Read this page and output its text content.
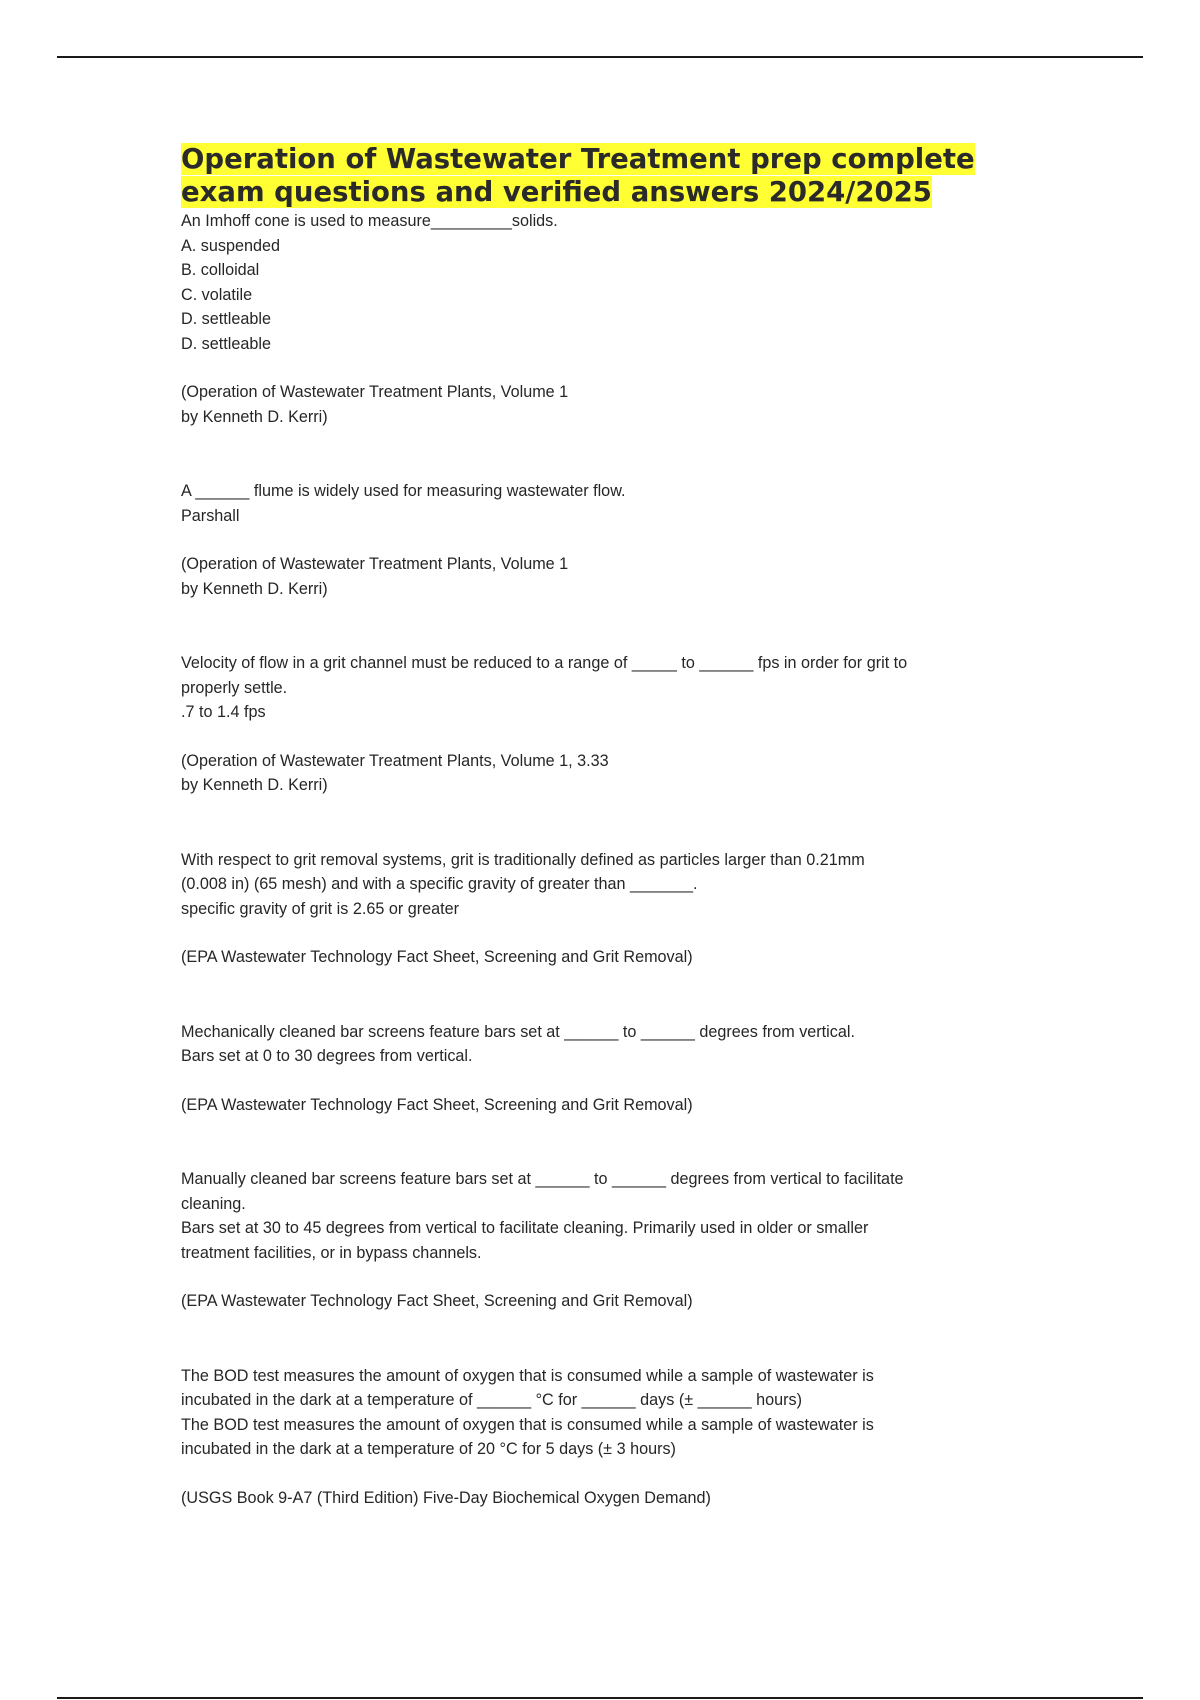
Operation of Wastewater Treatment prep complete
exam questions and verified answers 2024/2025
An Imhoff cone is used to measure_________solids.
A. suspended
B. colloidal
C. volatile
D. settleable
D. settleable
(Operation of Wastewater Treatment Plants, Volume 1
by Kenneth D. Kerri)
A ______ flume is widely used for measuring wastewater flow.
Parshall
(Operation of Wastewater Treatment Plants, Volume 1
by Kenneth D. Kerri)
Velocity of flow in a grit channel must be reduced to a range of _____ to ______ fps in order for grit to
properly settle.
.7 to 1.4 fps
(Operation of Wastewater Treatment Plants, Volume 1, 3.33
by Kenneth D. Kerri)
With respect to grit removal systems, grit is traditionally defined as particles larger than 0.21mm
(0.008 in) (65 mesh) and with a specific gravity of greater than _______.
specific gravity of grit is 2.65 or greater
(EPA Wastewater Technology Fact Sheet, Screening and Grit Removal)
Mechanically cleaned bar screens feature bars set at ______ to ______ degrees from vertical.
Bars set at 0 to 30 degrees from vertical.
(EPA Wastewater Technology Fact Sheet, Screening and Grit Removal)
Manually cleaned bar screens feature bars set at ______ to ______ degrees from vertical to facilitate
cleaning.
Bars set at 30 to 45 degrees from vertical to facilitate cleaning. Primarily used in older or smaller
treatment facilities, or in bypass channels.
(EPA Wastewater Technology Fact Sheet, Screening and Grit Removal)
The BOD test measures the amount of oxygen that is consumed while a sample of wastewater is
incubated in the dark at a temperature of ______ °C for ______ days (± ______ hours)
The BOD test measures the amount of oxygen that is consumed while a sample of wastewater is
incubated in the dark at a temperature of 20 °C for 5 days (± 3 hours)
(USGS Book 9-A7 (Third Edition) Five-Day Biochemical Oxygen Demand)
